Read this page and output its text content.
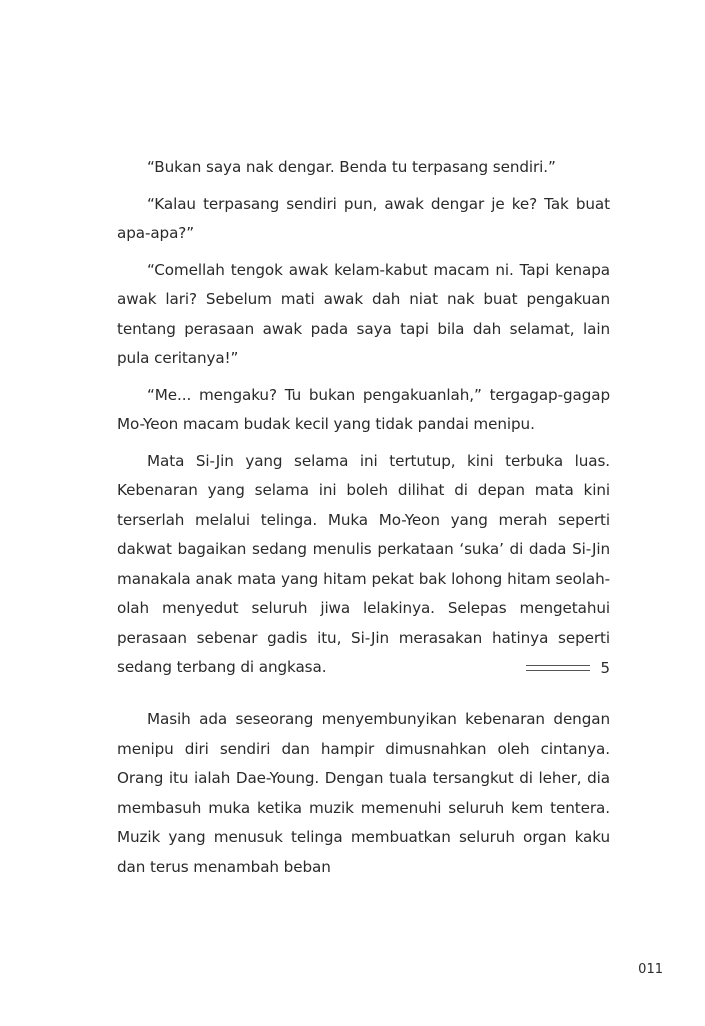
“Bukan saya nak dengar. Benda tu terpasang sendiri.”

“Kalau terpasang sendiri pun, awak dengar je ke? Tak buat apa-apa?”

“Comellah tengok awak kelam-kabut macam ni. Tapi kenapa awak lari? Sebelum mati awak dah niat nak buat pengakuan tentang perasaan awak pada saya tapi bila dah selamat, lain pula ceritanya!”

“Me... mengaku? Tu bukan pengakuanlah,” tergagap-gagap Mo-Yeon macam budak kecil yang tidak pandai menipu.

Mata Si-Jin yang selama ini tertutup, kini terbuka luas. Kebenaran yang selama ini boleh dilihat di depan mata kini terserlah melalui telinga. Muka Mo-Yeon yang merah seperti dakwat bagaikan sedang menulis perkataan ‘suka’ di dada Si-Jin manakala anak mata yang hitam pekat bak lohong hitam seolah-olah menyedut seluruh jiwa lelakinya. Selepas mengetahui perasaan sebenar gadis itu, Si-Jin merasakan hatinya seperti sedang terbang di angkasa.	5

Masih ada seseorang menyembunyikan kebenaran dengan menipu diri sendiri dan hampir dimusnahkan oleh cintanya. Orang itu ialah Dae-Young. Dengan tuala tersangkut di leher, dia membasuh muka ketika muzik memenuhi seluruh kem tentera. Muzik yang menusuk telinga membuatkan seluruh organ kaku dan terus menambah beban

011
